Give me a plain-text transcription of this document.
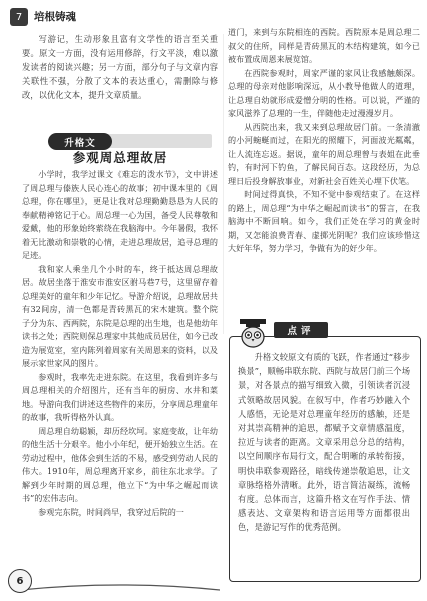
7	培根铸魂

写游记，生动形象且富有文学性的语言至关重要。原文一方面，没有运用修辞，行文平淡，难以激发读者的阅读兴趣；另一方面，部分句子与文章内容关联性不强，分散了文本的表达重心，需删除与修改，以优化文本，提升文章质量。

升格文
参观周总理故居

小学时，我学过课文《难忘的泼水节》，文中讲述了周总理与傣族人民心连心的故事；初中课本里的《周总理，你在哪里》，更是让我对总理勤勤恳恳为人民的奉献精神铭记于心。周总理一心为国，备受人民尊敬和爱戴，他的形象始终萦绕在我脑海中。今年暑假，我怀着无比激动和崇敬的心情，走进总理故居，追寻总理的足迹。

我和家人乘坐几个小时的车，终于抵达周总理故居。故居坐落于淮安市淮安区驸马巷7号，这里留存着总理美好的童年和少年记忆。导游介绍说，总理故居共有32间房，清一色都是青砖黑瓦的宋木建筑。整个院子分为东、西两院，东院是总理的出生地，也是他幼年读书之处；西院则保总理家中其他成员居住，如今已改造为展览室，室内陈列着周家有关周恩来的资料，以及展示家世家风的图片。

参观时，我率先走进东院。在这里，我看到许多与周总理相关的介绍图片，还有当年的厨房、水井和菜地。导游向我们讲述这些物件的来历，分享周总理童年的故事，我听得格外认真。

周总理自幼聪颖，却历经坎坷。家庭变故，让年幼的他生活十分艰辛。他小小年纪，便开始独立生活。在劳动过程中，他体会到生活的不易，感受到劳动人民的伟大。1910年，周总理离开家乡，前往东北求学。了解到少年时期的周总理，他立下“为中华之崛起而读书”的宏伟志向。

参观完东院，时间尚早，我穿过后院的一

道门，来到与东院相连的西院。西院原本是周总理二叔父的住所，同样是青砖黑瓦的木结构建筑，如今已被布置成周恩来展览馆。

在西院参观时，周家严谨的家风让我感触颇深。总理的母亲对他影响深远，从小教导他做人的道理，让总理自幼就形成爱憎分明的性格。可以说，严谨的家风滋养了总理的一生，伴随他走过漫漫岁月。

从西院出来，我又来到总理故居门前。一条清澈的小河蜿蜒而过，在阳光的照耀下，河面波光粼粼，让人流连忘返。据说，童年的周总理曾与表姐在此垂钓，有时河下钓鱼，了解民间百态。这段经历，为总理日后投身解放事业，对新社会百姓关心埋下伏笔。

时间过得真快，不知不觉中参观结束了。在这样的路上，周总理“为中华之崛起而读书”的誓言，在我脑海中不断回响。如今，我们正处在学习的黄金时期，又怎能浪费青春、虚掷光阴呢？我们应该珍惜这大好年华，努力学习，争做有为的好少年。

点评

升格文较原文有质的飞跃，作者通过“移步换景”，顺畅串联东院、西院与故居门前三个场景，对各景点的描写细致入微，引领读者沉浸式领略故居风貌。在叙写中，作者巧妙融入个人感悟，无论是对总理童年经历的感触，还是对其崇高精神的追思，都赋予文章情感温度，拉近与读者的距离。文章采用总分总的结构，以空间顺序布局行文，配合明晰的承转衔接，明快串联参观路径，暗线传递崇敬追思，让文章脉络格外清晰。此外，语言简洁凝练，流畅有度。总体而言，这篇升格文在写作手法、情感表达、文章架构和语言运用等方面都很出色，是游记写作的优秀范例。

6
